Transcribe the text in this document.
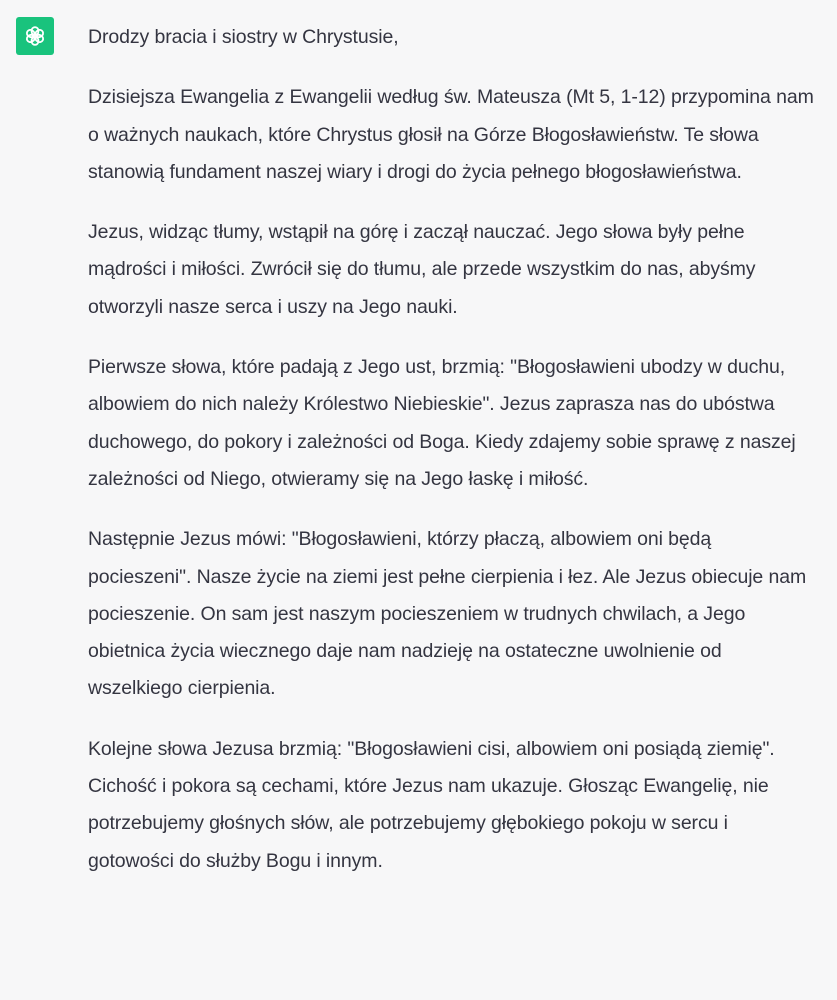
Drodzy bracia i siostry w Chrystusie,

Dzisiejsza Ewangelia z Ewangelii według św. Mateusza (Mt 5, 1-12) przypomina nam o ważnych naukach, które Chrystus głosił na Górze Błogosławieństw. Te słowa stanowią fundament naszej wiary i drogi do życia pełnego błogosławieństwa.

Jezus, widząc tłumy, wstąpił na górę i zaczął nauczać. Jego słowa były pełne mądrości i miłości. Zwrócił się do tłumu, ale przede wszystkim do nas, abyśmy otworzyli nasze serca i uszy na Jego nauki.

Pierwsze słowa, które padają z Jego ust, brzmią: "Błogosławieni ubodzy w duchu, albowiem do nich należy Królestwo Niebieskie". Jezus zaprasza nas do ubóstwa duchowego, do pokory i zależności od Boga. Kiedy zdajemy sobie sprawę z naszej zależności od Niego, otwieramy się na Jego łaskę i miłość.

Następnie Jezus mówi: "Błogosławieni, którzy płaczą, albowiem oni będą pocieszeni". Nasze życie na ziemi jest pełne cierpienia i łez. Ale Jezus obiecuje nam pocieszenie. On sam jest naszym pocieszeniem w trudnych chwilach, a Jego obietnica życia wiecznego daje nam nadzieję na ostateczne uwolnienie od wszelkiego cierpienia.

Kolejne słowa Jezusa brzmią: "Błogosławieni cisi, albowiem oni posiądą ziemię". Cichość i pokora są cechami, które Jezus nam ukazuje. Głosząc Ewangelię, nie potrzebujemy głośnych słów, ale potrzebujemy głębokiego pokoju w sercu i gotowości do służby Bogu i innym.
